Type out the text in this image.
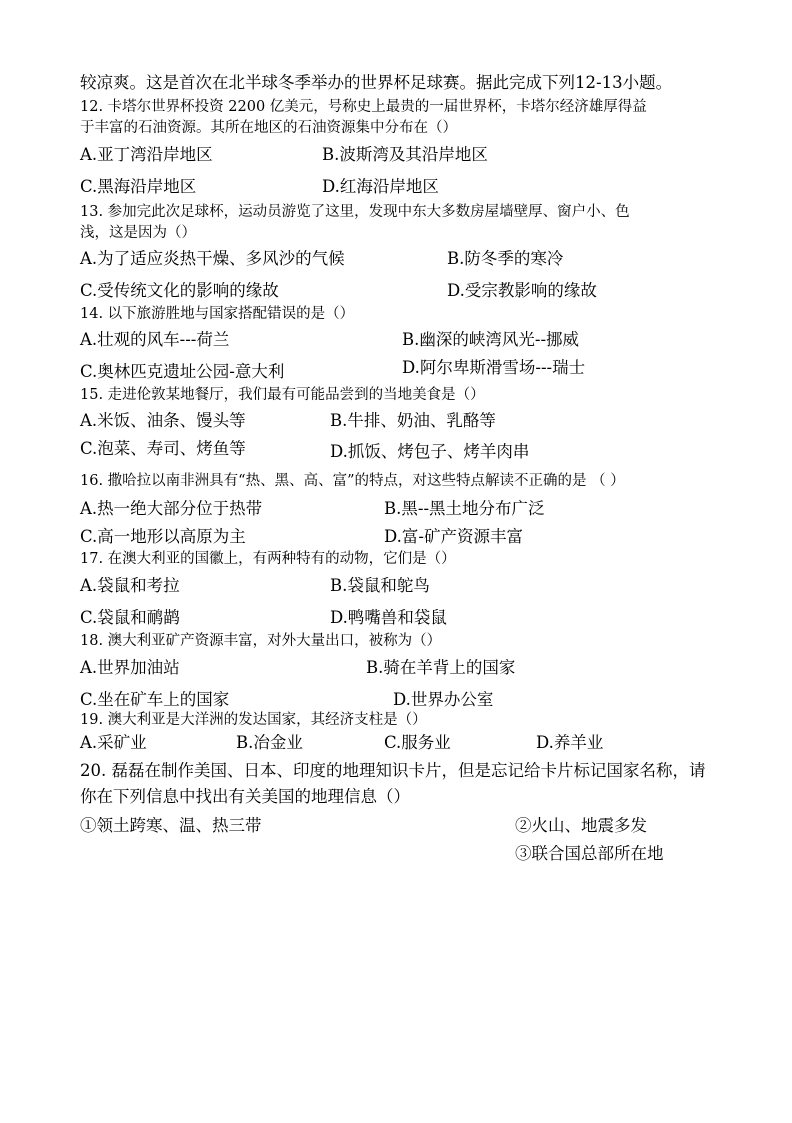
较凉爽。这是首次在北半球冬季举办的世界杯足球赛。据此完成下列12-13小题。
12. 卡塔尔世界杯投资 2200 亿美元，号称史上最贵的一届世界杯，卡塔尔经济雄厚得益
于丰富的石油资源。其所在地区的石油资源集中分布在（）
A.亚丁湾沿岸地区	B.波斯湾及其沿岸地区
C.黑海沿岸地区	D.红海沿岸地区
13. 参加完此次足球杯，运动员游览了这里，发现中东大多数房屋墙壁厚、窗户小、色
浅，这是因为（）
A.为了适应炎热干燥、多风沙的气候	B.防冬季的寒冷
C.受传统文化的影响的缘故	D.受宗教影响的缘故
14. 以下旅游胜地与国家搭配错误的是（）
A.壮观的风车---荷兰	B.幽深的峡湾风光--挪威
C.奥林匹克遗址公园-意大利	D.阿尔卑斯滑雪场---瑞士
15. 走进伦敦某地餐厅，我们最有可能品尝到的当地美食是（）
A.米饭、油条、馒头等	B.牛排、奶油、乳酪等
C.泡菜、寿司、烤鱼等	D.抓饭、烤包子、烤羊肉串
16. 撒哈拉以南非洲具有“热、黑、高、富”的特点，对这些特点解读不正确的是 （ ）
A.热一绝大部分位于热带	B.黑--黑土地分布广泛
C.高一地形以高原为主	D.富-矿产资源丰富
17. 在澳大利亚的国徽上，有两种特有的动物，它们是（）
A.袋鼠和考拉	B.袋鼠和鸵鸟
C.袋鼠和鸸鹋	D.鸭嘴兽和袋鼠
18. 澳大利亚矿产资源丰富，对外大量出口，被称为（）
A.世界加油站	B.骑在羊背上的国家
C.坐在矿车上的国家	D.世界办公室
19. 澳大利亚是大洋洲的发达国家，其经济支柱是（）
A.采矿业	B.冶金业	C.服务业	D.养羊业
20. 磊磊在制作美国、日本、印度的地理知识卡片，但是忘记给卡片标记国家名称，请
你在下列信息中找出有关美国的地理信息（）
①领土跨寒、温、热三带	②火山、地震多发
③联合国总部所在地
